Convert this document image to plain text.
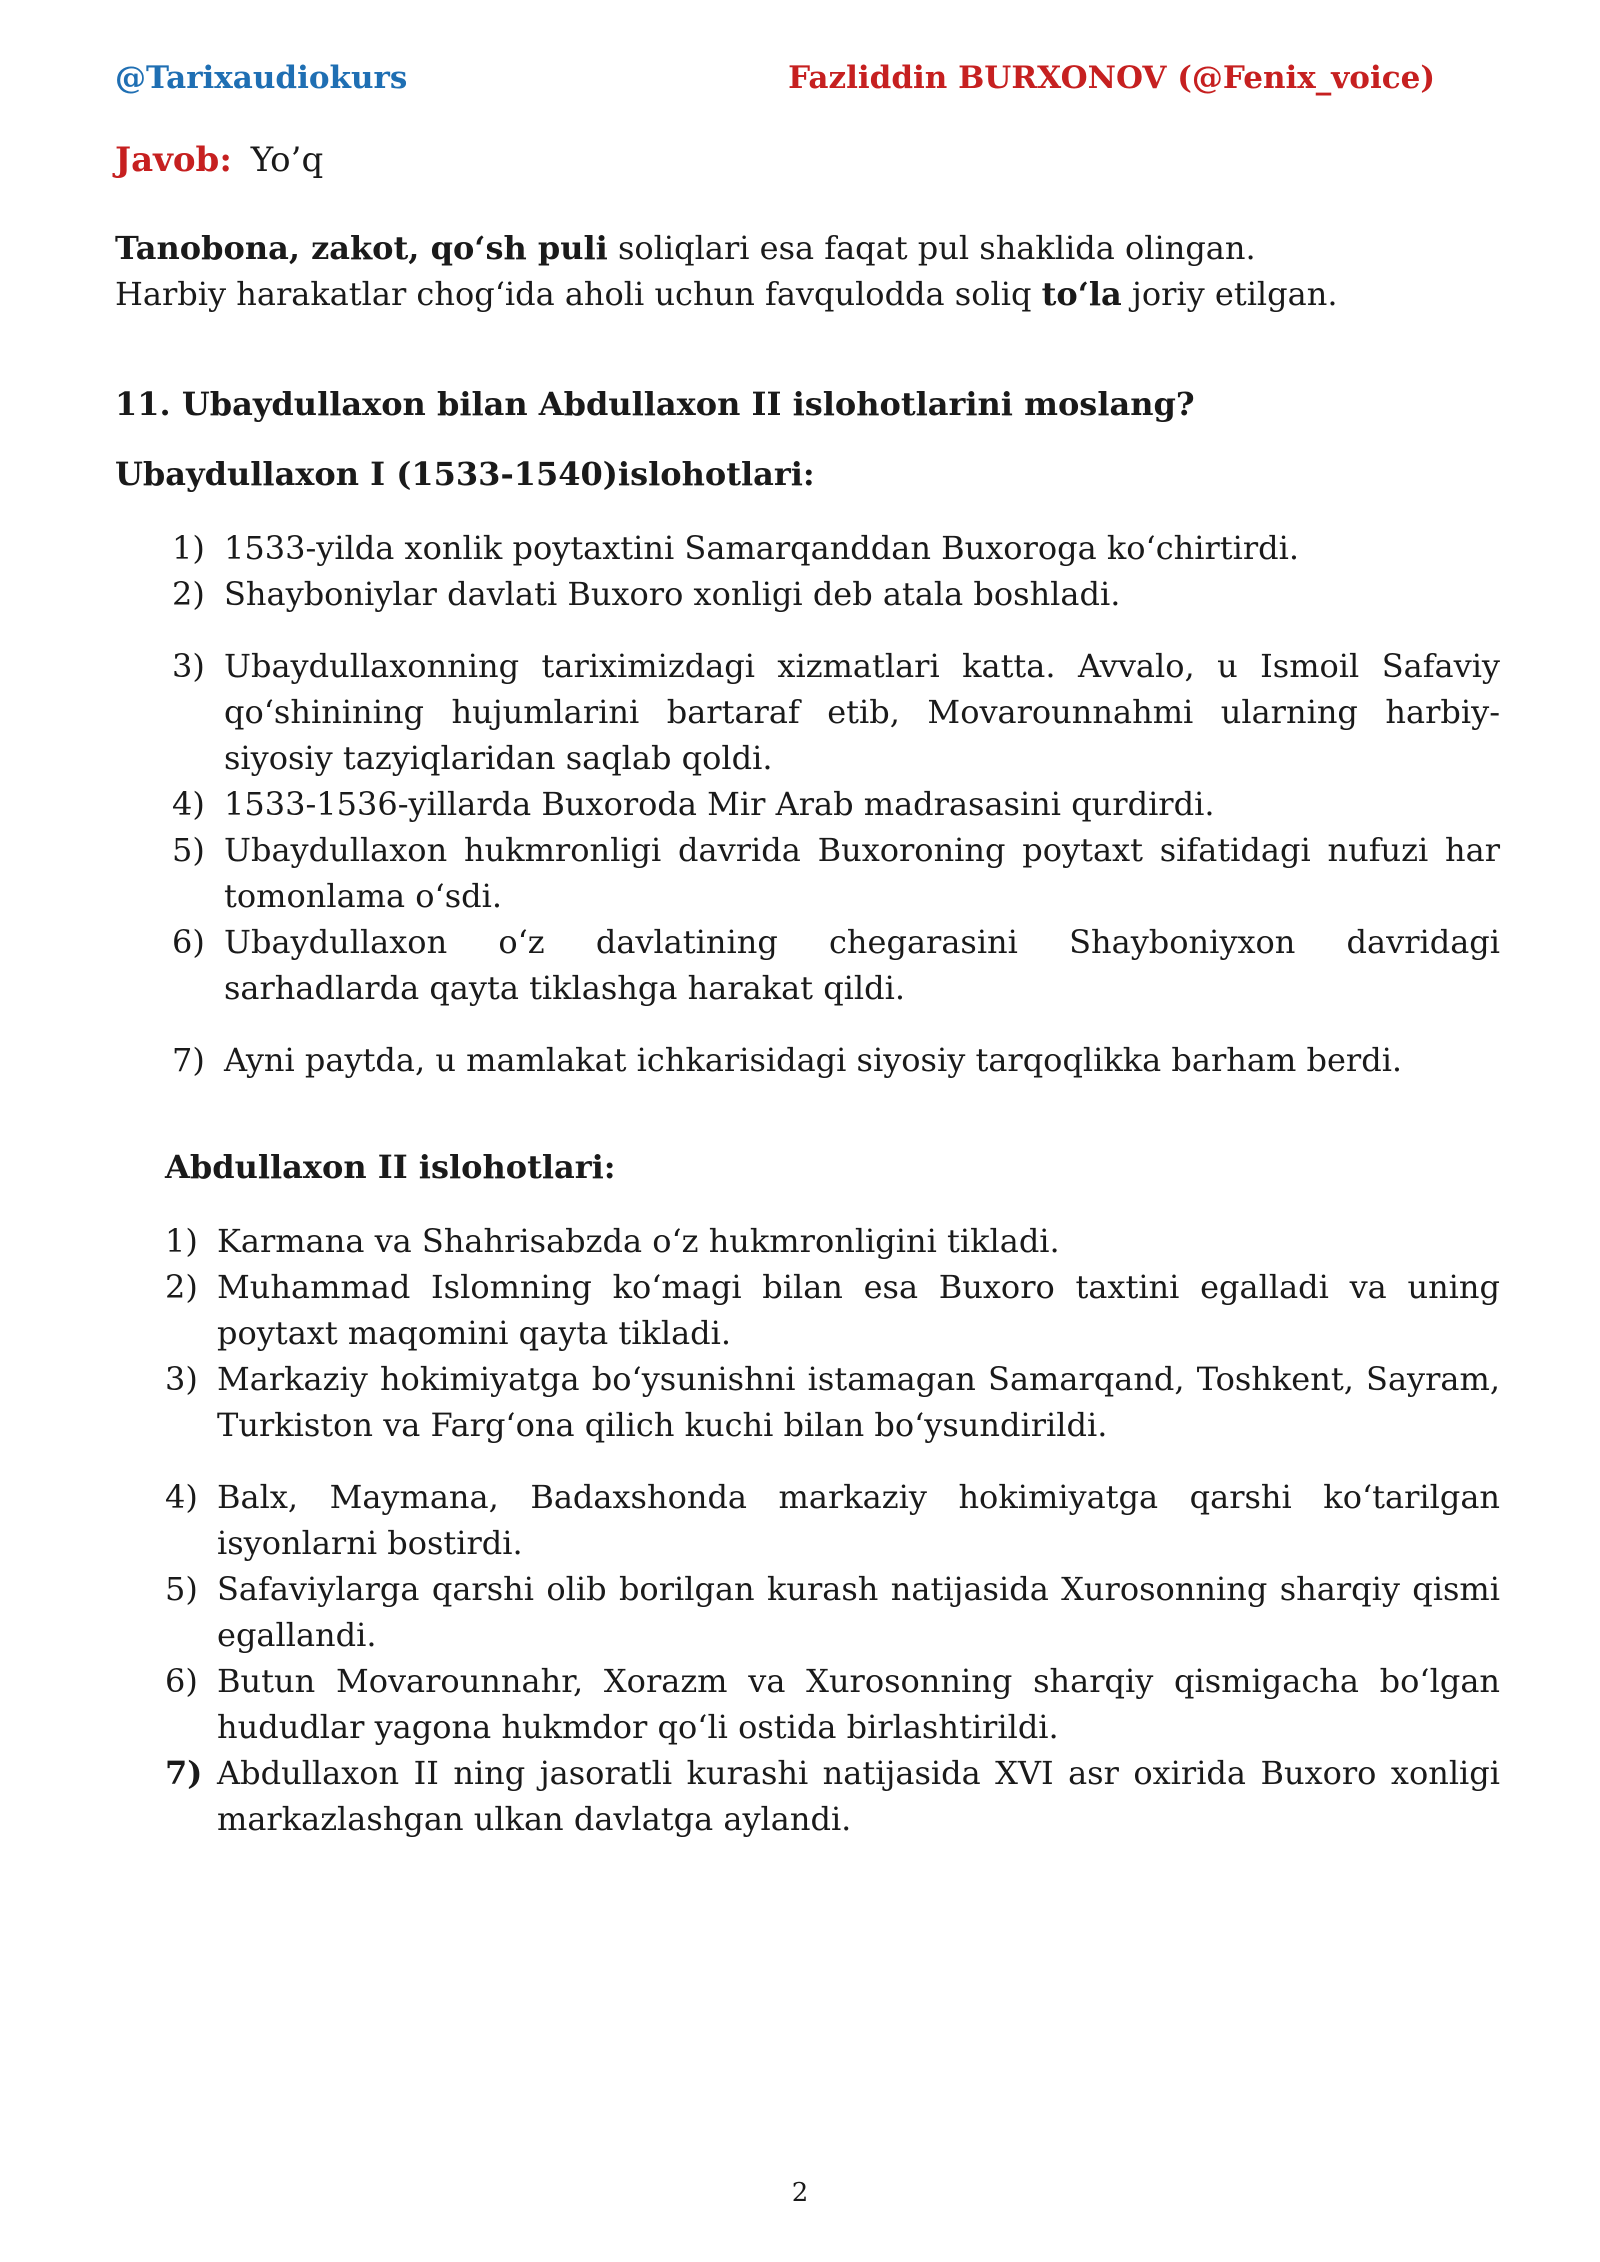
@Tarixaudiokurs	Fazliddin BURXONOV (@Fenix_voice)
Javob: Yo’q
Tanobona, zakot, qo‘sh puli soliqlari esa faqat pul shaklida olingan.
Harbiy harakatlar chog‘ida aholi uchun favqulodda soliq to‘la joriy etilgan.
11. Ubaydullaxon bilan Abdullaxon II islohotlarini moslang?
Ubaydullaxon I (1533-1540)islohotlari:
1) 1533-yilda xonlik poytaxtini Samarqanddan Buxoroga ko‘chirtirdi.
2) Shayboniylar davlati Buxoro xonligi deb atala boshladi.
3) Ubaydullaxonning tariximizdagi xizmatlari katta. Avvalo, u Ismoil Safaviy qo‘shinining hujumlarini bartaraf etib, Movarounnahmi ularning harbiy-siyosiy tazyiqlaridan saqlab qoldi.
4) 1533-1536-yillarda Buxoroda Mir Arab madrasasini qurdirdi.
5) Ubaydullaxon hukmronligi davrida Buxoroning poytaxt sifatidagi nufuzi har tomonlama o‘sdi.
6) Ubaydullaxon o‘z davlatining chegarasini Shayboniyxon davridagi sarhadlarda qayta tiklashga harakat qildi.
7) Ayni paytda, u mamlakat ichkarisidagi siyosiy tarqoqlikka barham berdi.
Abdullaxon II islohotlari:
1) Karmana va Shahrisabzda o‘z hukmronligini tikladi.
2) Muhammad Islomning ko‘magi bilan esa Buxoro taxtini egalladi va uning poytaxt maqomini qayta tikladi.
3) Markaziy hokimiyatga bo‘ysunishni istamagan Samarqand, Toshkent, Sayram, Turkiston va Farg‘ona qilich kuchi bilan bo‘ysundirildi.
4) Balx, Maymana, Badaxshonda markaziy hokimiyatga qarshi ko‘tarilgan isyonlarni bostirdi.
5) Safaviylarga qarshi olib borilgan kurash natijasida Xurosonning sharqiy qismi egallandi.
6) Butun Movarounnahr, Xorazm va Xurosonning sharqiy qismigacha bo‘lgan hududlar yagona hukmdor qo‘li ostida birlashtirildi.
7) Abdullaxon II ning jasoratli kurashi natijasida XVI asr oxirida Buxoro xonligi markazlashgan ulkan davlatga aylandi.
2
